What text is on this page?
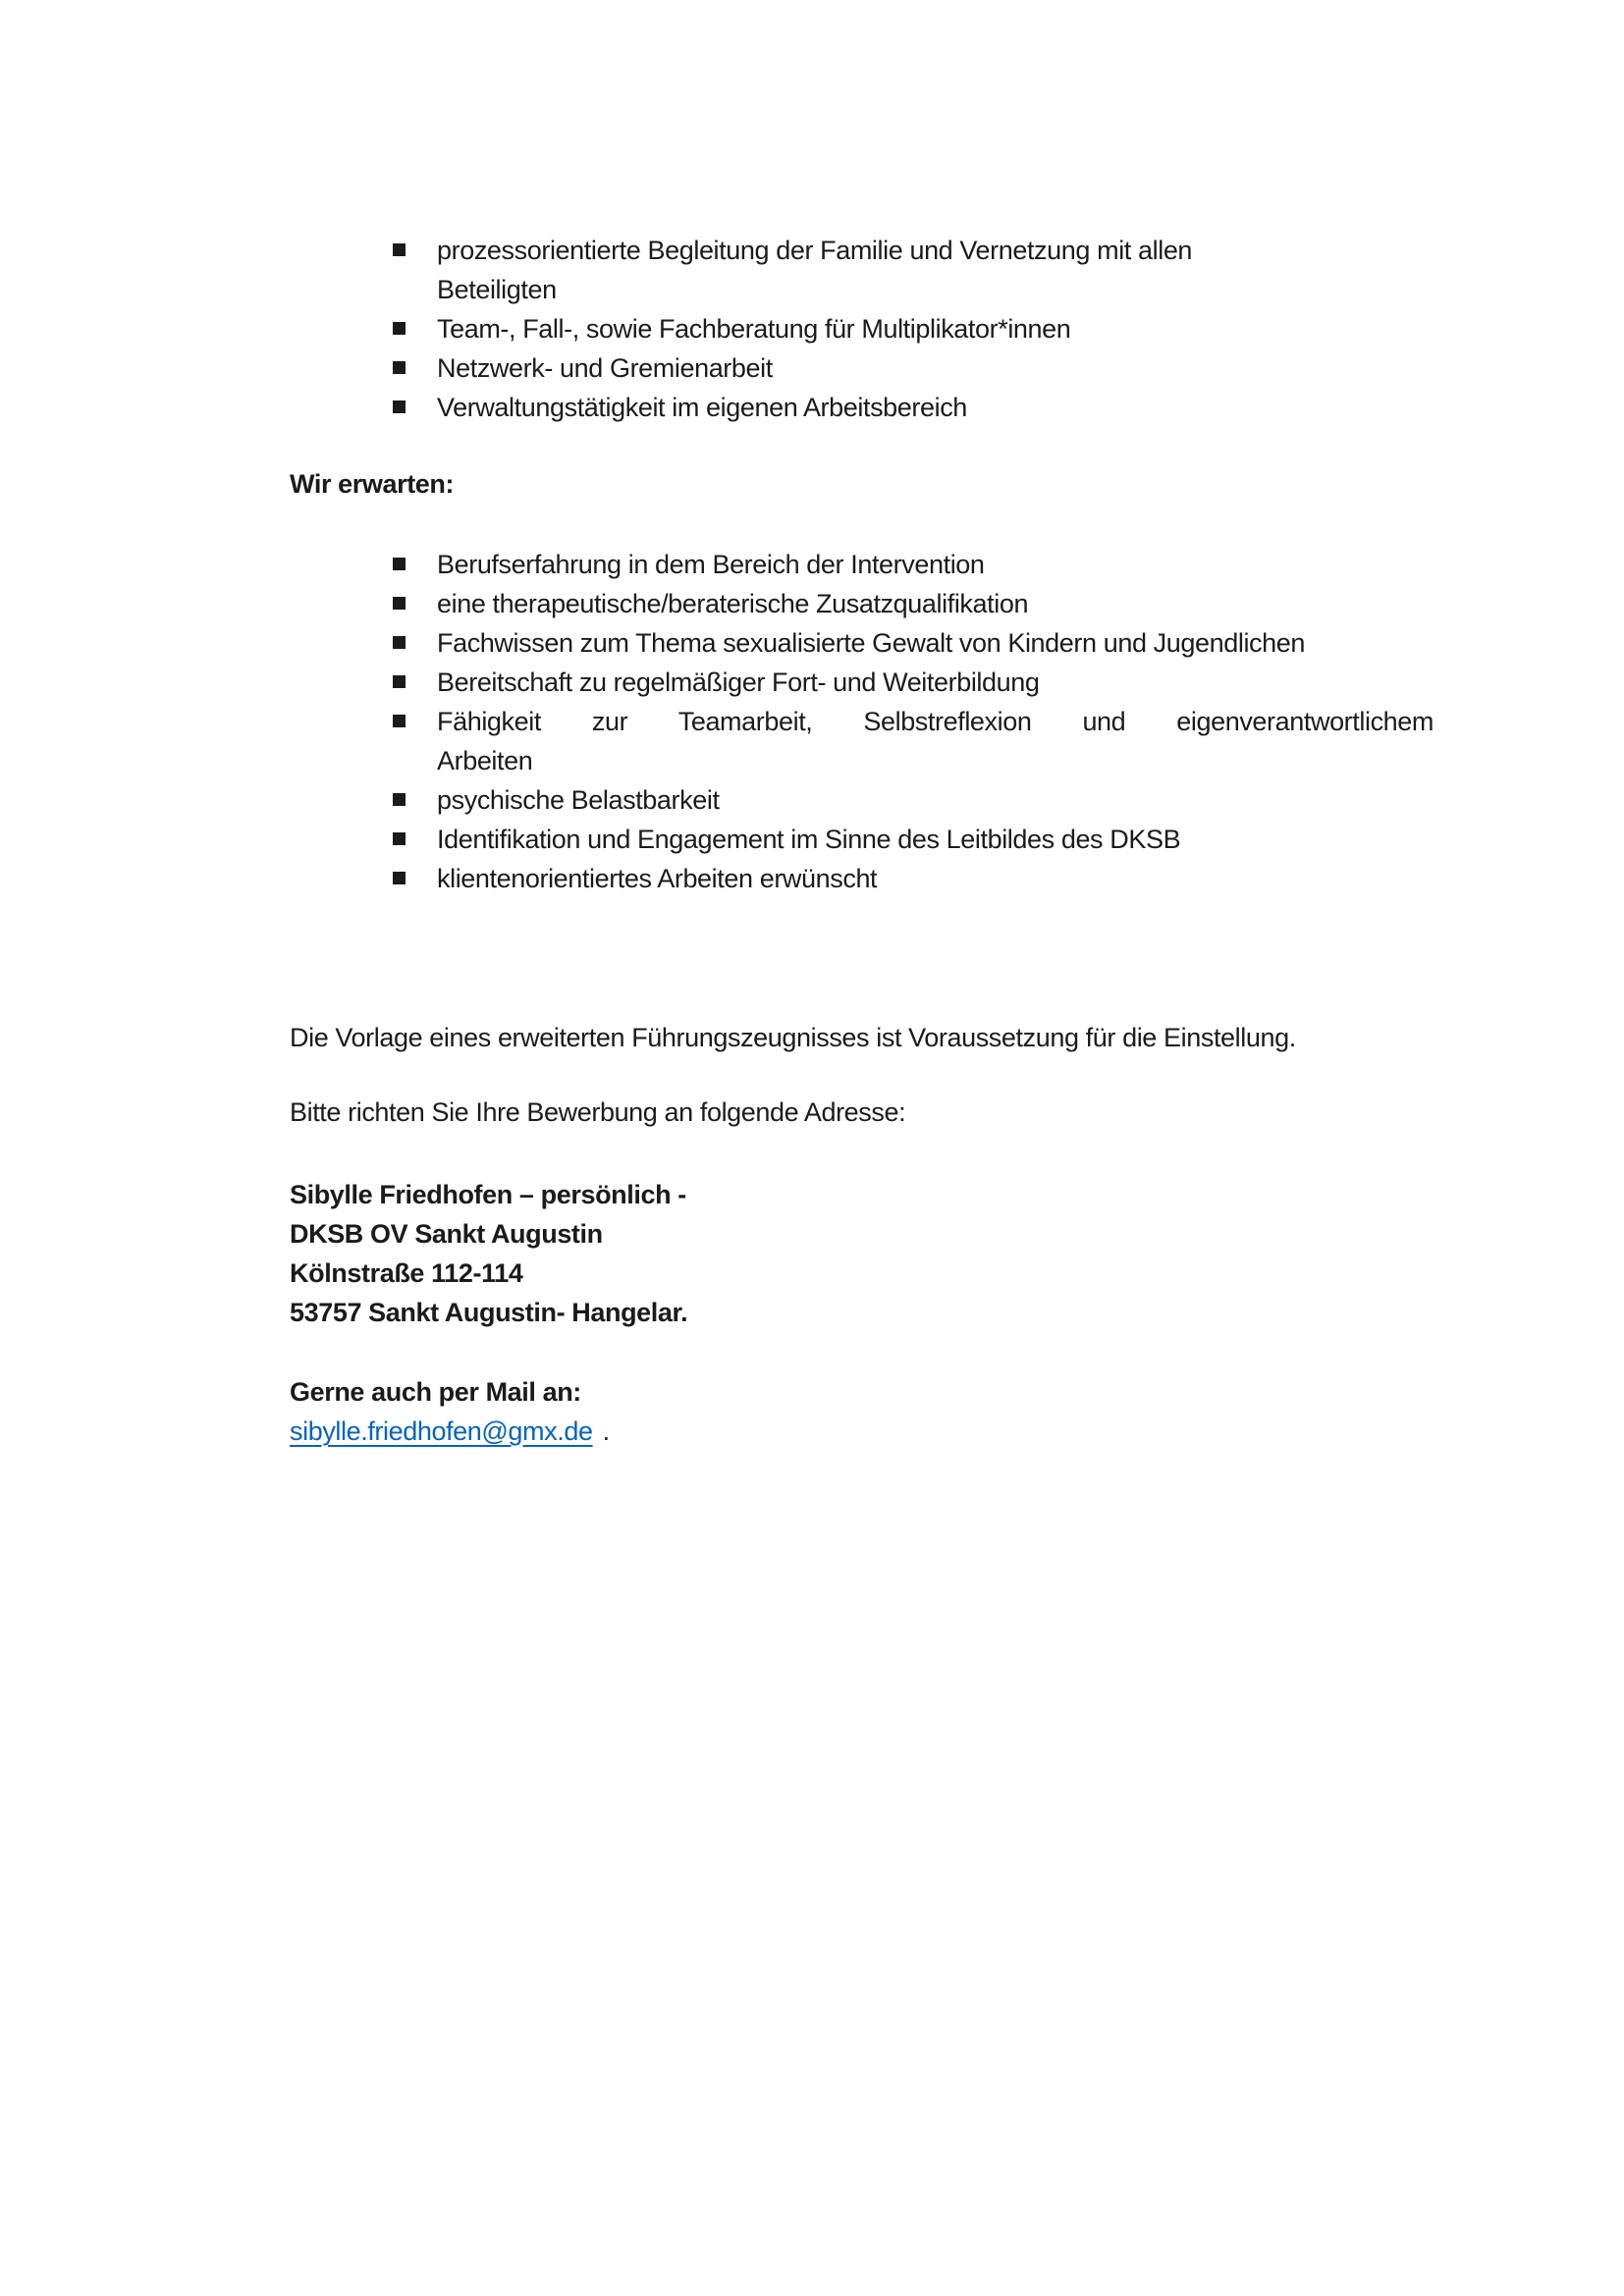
prozessorientierte Begleitung der Familie und Vernetzung mit allen
Beteiligten
Team-, Fall-, sowie Fachberatung für Multiplikator*innen
Netzwerk- und Gremienarbeit
Verwaltungstätigkeit im eigenen Arbeitsbereich
Wir erwarten:
Berufserfahrung in dem Bereich der Intervention
eine therapeutische/beraterische Zusatzqualifikation
Fachwissen zum Thema sexualisierte Gewalt von Kindern und Jugendlichen
Bereitschaft zu regelmäßiger Fort- und Weiterbildung
Fähigkeit zur Teamarbeit, Selbstreflexion und eigenverantwortlichem
Arbeiten
psychische Belastbarkeit
Identifikation und Engagement im Sinne des Leitbildes des DKSB
klientenorientiertes Arbeiten erwünscht
Die Vorlage eines erweiterten Führungszeugnisses ist Voraussetzung für die Einstellung.
Bitte richten Sie Ihre Bewerbung an folgende Adresse:
Sibylle Friedhofen – persönlich -
DKSB OV Sankt Augustin
Kölnstraße 112-114
53757 Sankt Augustin- Hangelar.
Gerne auch per Mail an:
sibylle.friedhofen@gmx.de .
